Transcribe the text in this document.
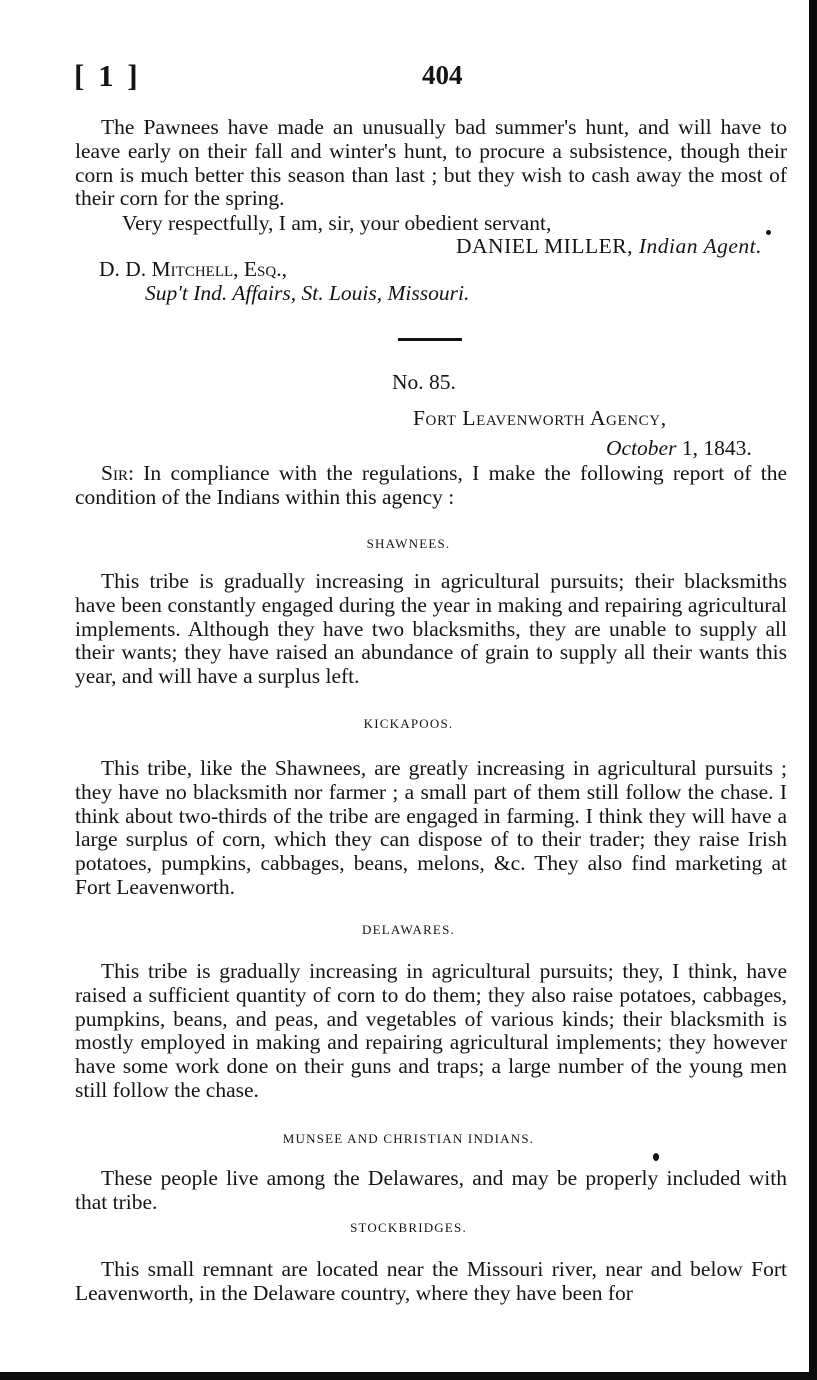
[ 1 ]	404

The Pawnees have made an unusually bad summer's hunt, and will have to leave early on their fall and winter's hunt, to procure a subsistence, though their corn is much better this season than last ; but they wish to cash away the most of their corn for the spring.

Very respectfully, I am, sir, your obedient servant,
DANIEL MILLER, Indian Agent.
D. D. Mitchell, Esq.,
Sup't Ind. Affairs, St. Louis, Missouri.
No. 85.
Fort Leavenworth Agency,
October 1, 1843.

Sir: In compliance with the regulations, I make the following report of the condition of the Indians within this agency :

SHAWNEES.

This tribe is gradually increasing in agricultural pursuits; their blacksmiths have been constantly engaged during the year in making and repairing agricultural implements. Although they have two blacksmiths, they are unable to supply all their wants; they have raised an abundance of grain to supply all their wants this year, and will have a surplus left.

KICKAPOOS.

This tribe, like the Shawnees, are greatly increasing in agricultural pursuits ; they have no blacksmith nor farmer ; a small part of them still follow the chase. I think about two-thirds of the tribe are engaged in farming. I think they will have a large surplus of corn, which they can dispose of to their trader; they raise Irish potatoes, pumpkins, cabbages, beans, melons, &c. They also find marketing at Fort Leavenworth.

DELAWARES.

This tribe is gradually increasing in agricultural pursuits; they, I think, have raised a sufficient quantity of corn to do them; they also raise potatoes, cabbages, pumpkins, beans, and peas, and vegetables of various kinds; their blacksmith is mostly employed in making and repairing agricultural implements; they however have some work done on their guns and traps; a large number of the young men still follow the chase.

MUNSEE AND CHRISTIAN INDIANS.

These people live among the Delawares, and may be properly included with that tribe.

STOCKBRIDGES.

This small remnant are located near the Missouri river, near and below Fort Leavenworth, in the Delaware country, where they have been for
